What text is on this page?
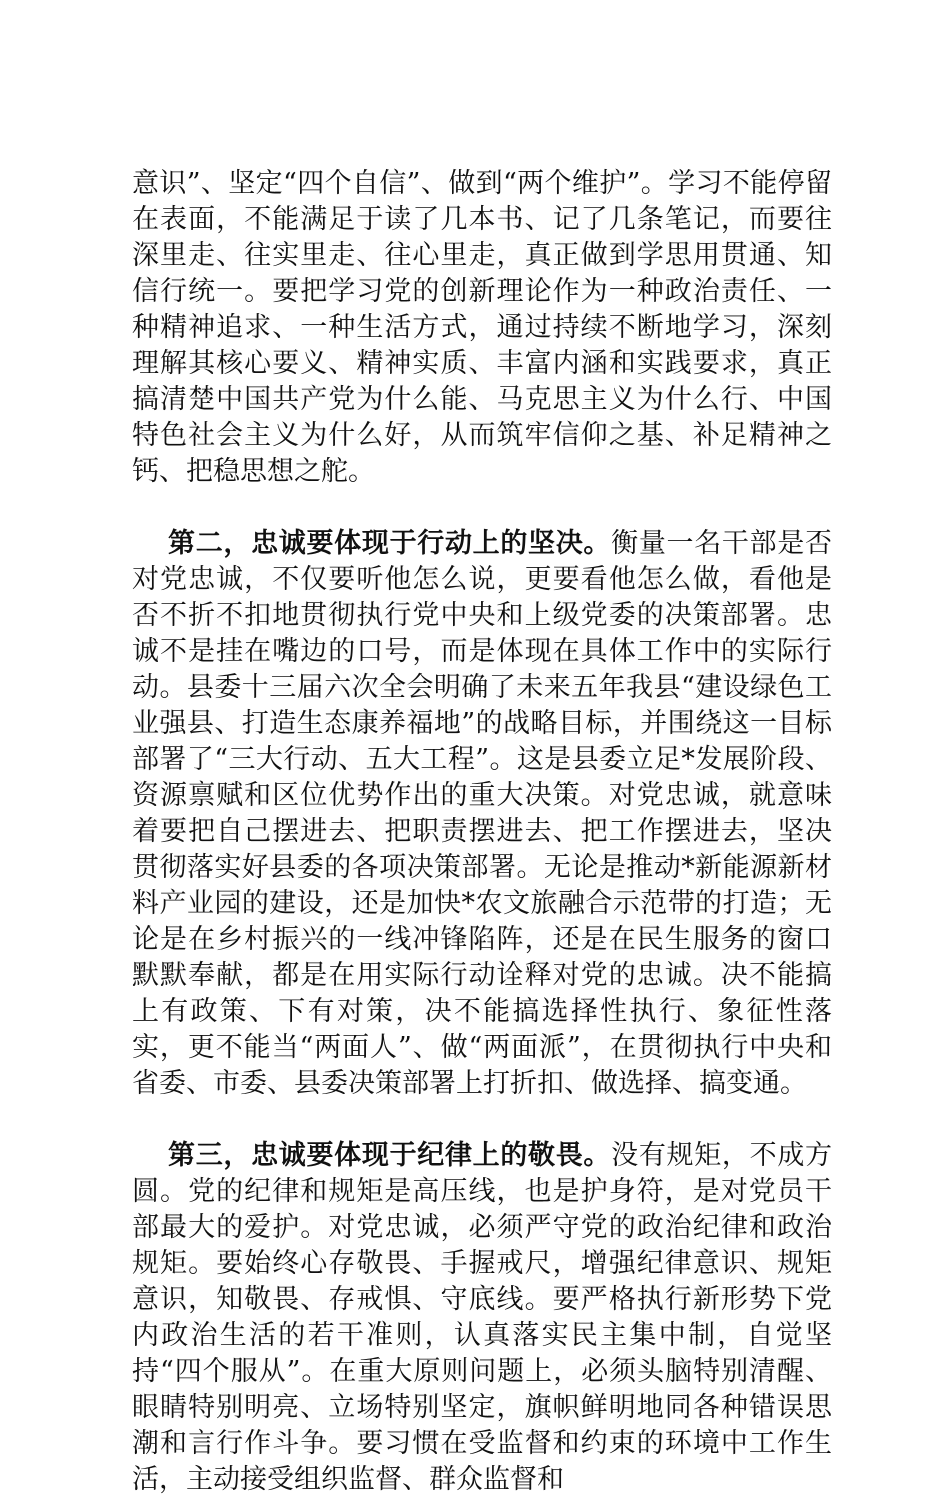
意识”、坚定“四个自信”、做到“两个维护”。学习不能停留在表面，不能满足于读了几本书、记了几条笔记，而要往深里走、往实里走、往心里走，真正做到学思用贯通、知信行统一。要把学习党的创新理论作为一种政治责任、一种精神追求、一种生活方式，通过持续不断地学习，深刻理解其核心要义、精神实质、丰富内涵和实践要求，真正搞清楚中国共产党为什么能、马克思主义为什么行、中国特色社会主义为什么好，从而筑牢信仰之基、补足精神之钙、把稳思想之舵。

第二，忠诚要体现于行动上的坚决。衡量一名干部是否对党忠诚，不仅要听他怎么说，更要看他怎么做，看他是否不折不扣地贯彻执行党中央和上级党委的决策部署。忠诚不是挂在嘴边的口号，而是体现在具体工作中的实际行动。县委十三届六次全会明确了未来五年我县“建设绿色工业强县、打造生态康养福地”的战略目标，并围绕这一目标部署了“三大行动、五大工程”。这是县委立足*发展阶段、资源禀赋和区位优势作出的重大决策。对党忠诚，就意味着要把自己摆进去、把职责摆进去、把工作摆进去，坚决贯彻落实好县委的各项决策部署。无论是推动*新能源新材料产业园的建设，还是加快*农文旅融合示范带的打造；无论是在乡村振兴的一线冲锋陷阵，还是在民生服务的窗口默默奉献，都是在用实际行动诠释对党的忠诚。决不能搞上有政策、下有对策，决不能搞选择性执行、象征性落实，更不能当“两面人”、做“两面派”，在贯彻执行中央和省委、市委、县委决策部署上打折扣、做选择、搞变通。

第三，忠诚要体现于纪律上的敬畏。没有规矩，不成方圆。党的纪律和规矩是高压线，也是护身符，是对党员干部最大的爱护。对党忠诚，必须严守党的政治纪律和政治规矩。要始终心存敬畏、手握戒尺，增强纪律意识、规矩意识，知敬畏、存戒惧、守底线。要严格执行新形势下党内政治生活的若干准则，认真落实民主集中制，自觉坚持“四个服从”。在重大原则问题上，必须头脑特别清醒、眼睛特别明亮、立场特别坚定，旗帜鲜明地同各种错误思潮和言行作斗争。要习惯在受监督和约束的环境中工作生活，主动接受组织监督、群众监督和
